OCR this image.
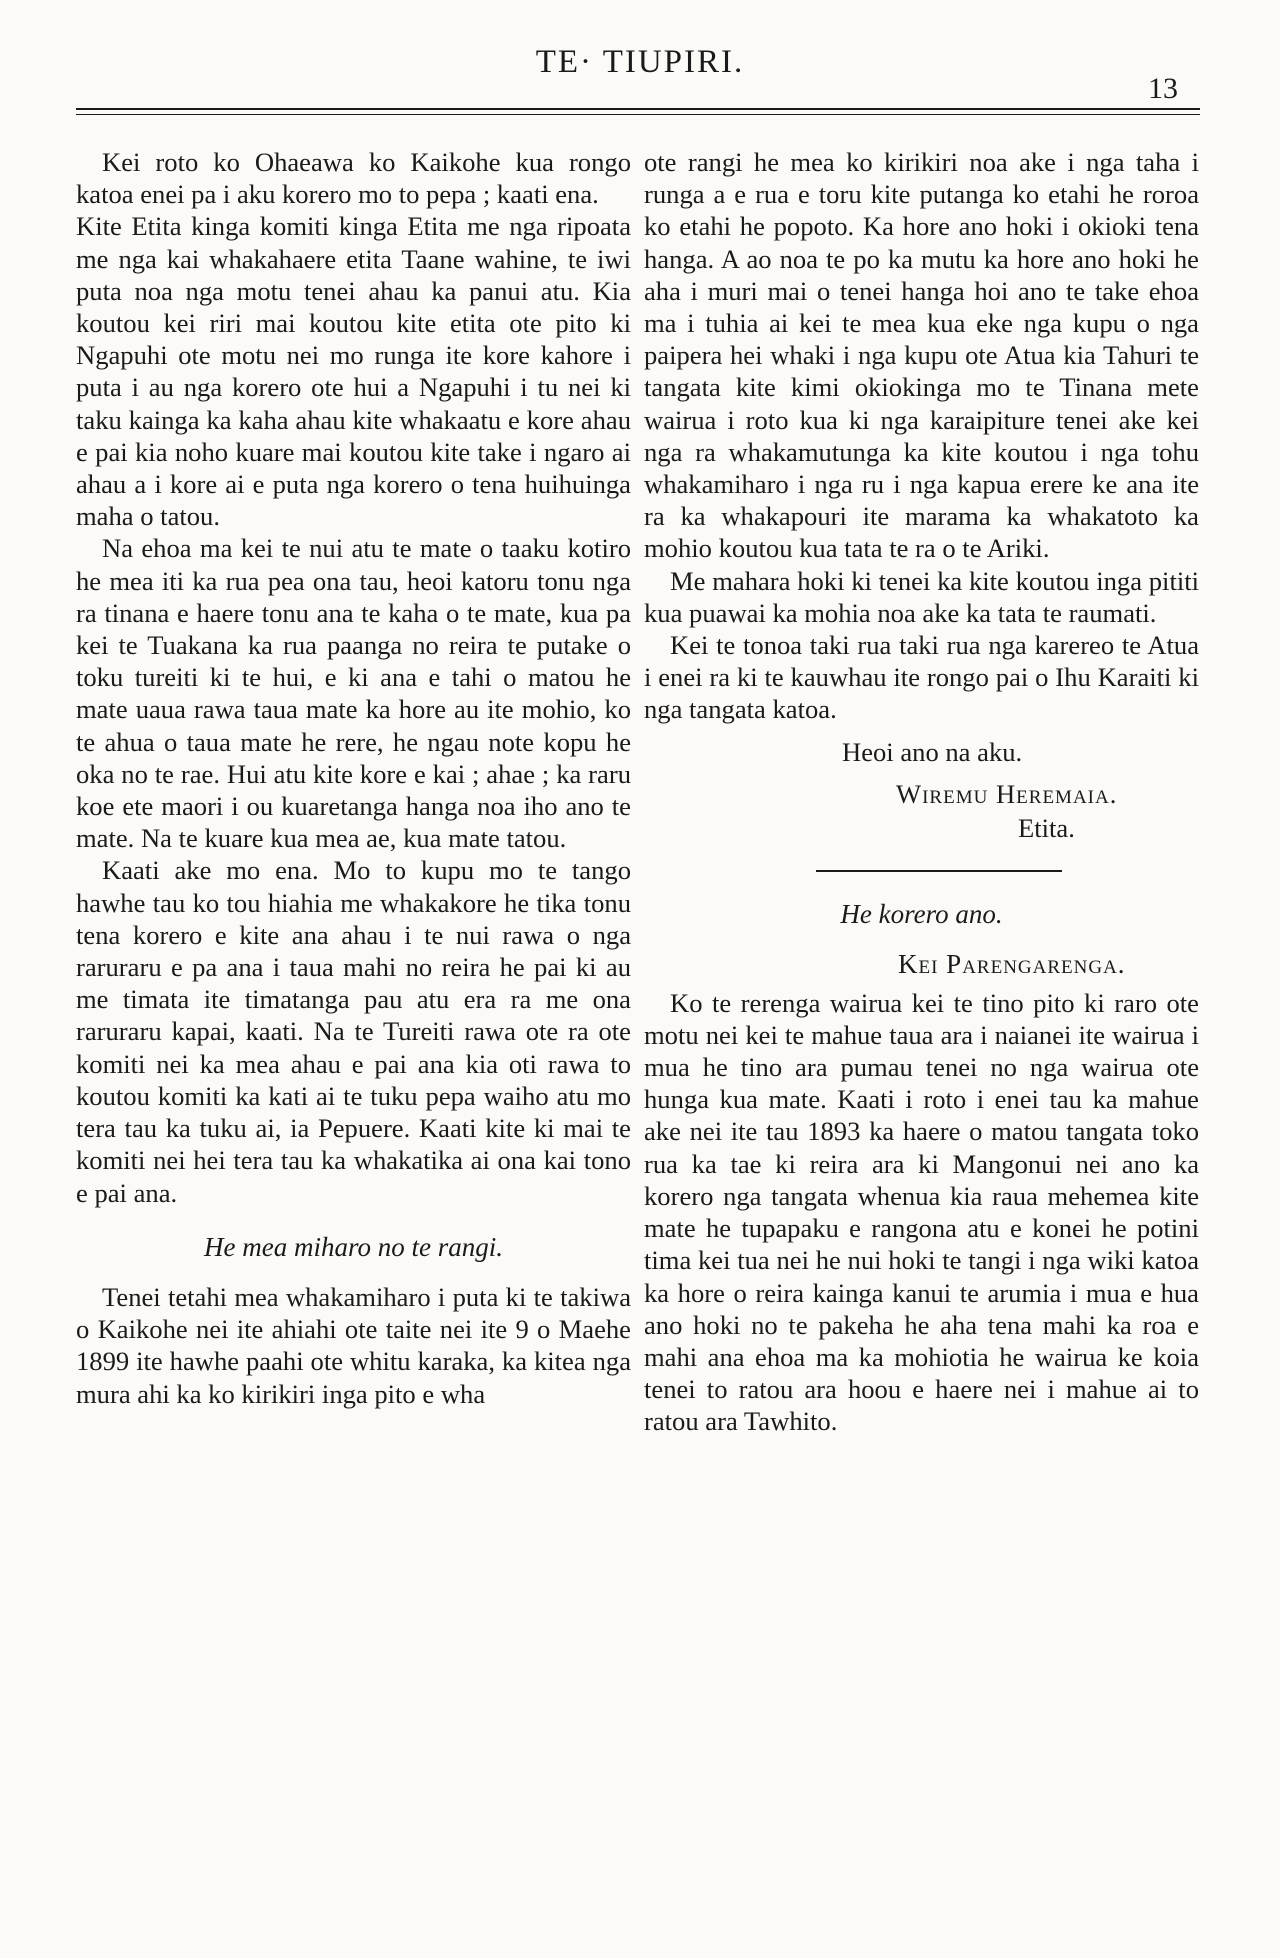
TE· TIUPIRI.
13

Kei roto ko Ohaeawa ko Kaikohe kua rongo katoa enei pa i aku korero mo to pepa ; kaati ena.

Kite Etita kinga komiti kinga Etita me nga ripoata me nga kai whakahaere etita Taane wahine, te iwi puta noa nga motu tenei ahau ka panui atu. Kia koutou kei riri mai koutou kite etita ote pito ki Ngapuhi ote motu nei mo runga ite kore kahore i puta i au nga korero ote hui a Ngapuhi i tu nei ki taku kainga ka kaha ahau kite whakaatu e kore ahau e pai kia noho kuare mai koutou kite take i ngaro ai ahau a i kore ai e puta nga korero o tena huihuinga maha o tatou.

Na ehoa ma kei te nui atu te mate o taaku kotiro he mea iti ka rua pea ona tau, heoi katoru tonu nga ra tinana e haere tonu ana te kaha o te mate, kua pa kei te Tuakana ka rua paanga no reira te putake o toku tureiti ki te hui, e ki ana e tahi o matou he mate uaua rawa taua mate ka hore au ite mohio, ko te ahua o taua mate he rere, he ngau note kopu he oka no te rae. Hui atu kite kore e kai ; ahae ; ka raru koe ete maori i ou kuaretanga hanga noa iho ano te mate. Na te kuare kua mea ae, kua mate tatou.

Kaati ake mo ena. Mo to kupu mo te tango hawhe tau ko tou hiahia me whakakore he tika tonu tena korero e kite ana ahau i te nui rawa o nga raruraru e pa ana i taua mahi no reira he pai ki au me timata ite timatanga pau atu era ra me ona raruraru kapai, kaati. Na te Tureiti rawa ote ra ote komiti nei ka mea ahau e pai ana kia oti rawa to koutou komiti ka kati ai te tuku pepa waiho atu mo tera tau ka tuku ai, ia Pepuere. Kaati kite ki mai te komiti nei hei tera tau ka whakatika ai ona kai tono e pai ana.

He mea miharo no te rangi.

Tenei tetahi mea whakamiharo i puta ki te takiwa o Kaikohe nei ite ahiahi ote taite nei ite 9 o Maehe 1899 ite hawhe paahi ote whitu karaka, ka kitea nga mura ahi ka ko kirikiri inga pito e wha

ote rangi he mea ko kirikiri noa ake i nga taha i runga a e rua e toru kite putanga ko etahi he roroa ko etahi he popoto. Ka hore ano hoki i okioki tena hanga. A ao noa te po ka mutu ka hore ano hoki he aha i muri mai o tenei hanga hoi ano te take ehoa ma i tuhia ai kei te mea kua eke nga kupu o nga paipera hei whaki i nga kupu ote Atua kia Tahuri te tangata kite kimi okiokinga mo te Tinana mete wairua i roto kua ki nga karaipiture tenei ake kei nga ra whakamutunga ka kite koutou i nga tohu whakamiharo i nga ru i nga kapua erere ke ana ite ra ka whakapouri ite marama ka whakatoto ka mohio koutou kua tata te ra o te Ariki.

Me mahara hoki ki tenei ka kite koutou inga pititi kua puawai ka mohia noa ake ka tata te raumati.

Kei te tonoa taki rua taki rua nga karereo te Atua i enei ra ki te kauwhau ite rongo pai o Ihu Karaiti ki nga tangata katoa.

Heoi ano na aku.

Wiremu Heremaia.

Etita.

He korero ano.

Kei Parengarenga.

Ko te rerenga wairua kei te tino pito ki raro ote motu nei kei te mahue taua ara i naianei ite wairua i mua he tino ara pumau tenei no nga wairua ote hunga kua mate. Kaati i roto i enei tau ka mahue ake nei ite tau 1893 ka haere o matou tangata toko rua ka tae ki reira ara ki Mangonui nei ano ka korero nga tangata whenua kia raua mehemea kite mate he tupapaku e rangona atu e konei he potini tima kei tua nei he nui hoki te tangi i nga wiki katoa ka hore o reira kainga kanui te arumia i mua e hua ano hoki no te pakeha he aha tena mahi ka roa e mahi ana ehoa ma ka mohiotia he wairua ke koia tenei to ratou ara hoou e haere nei i mahue ai to ratou ara Tawhito.
